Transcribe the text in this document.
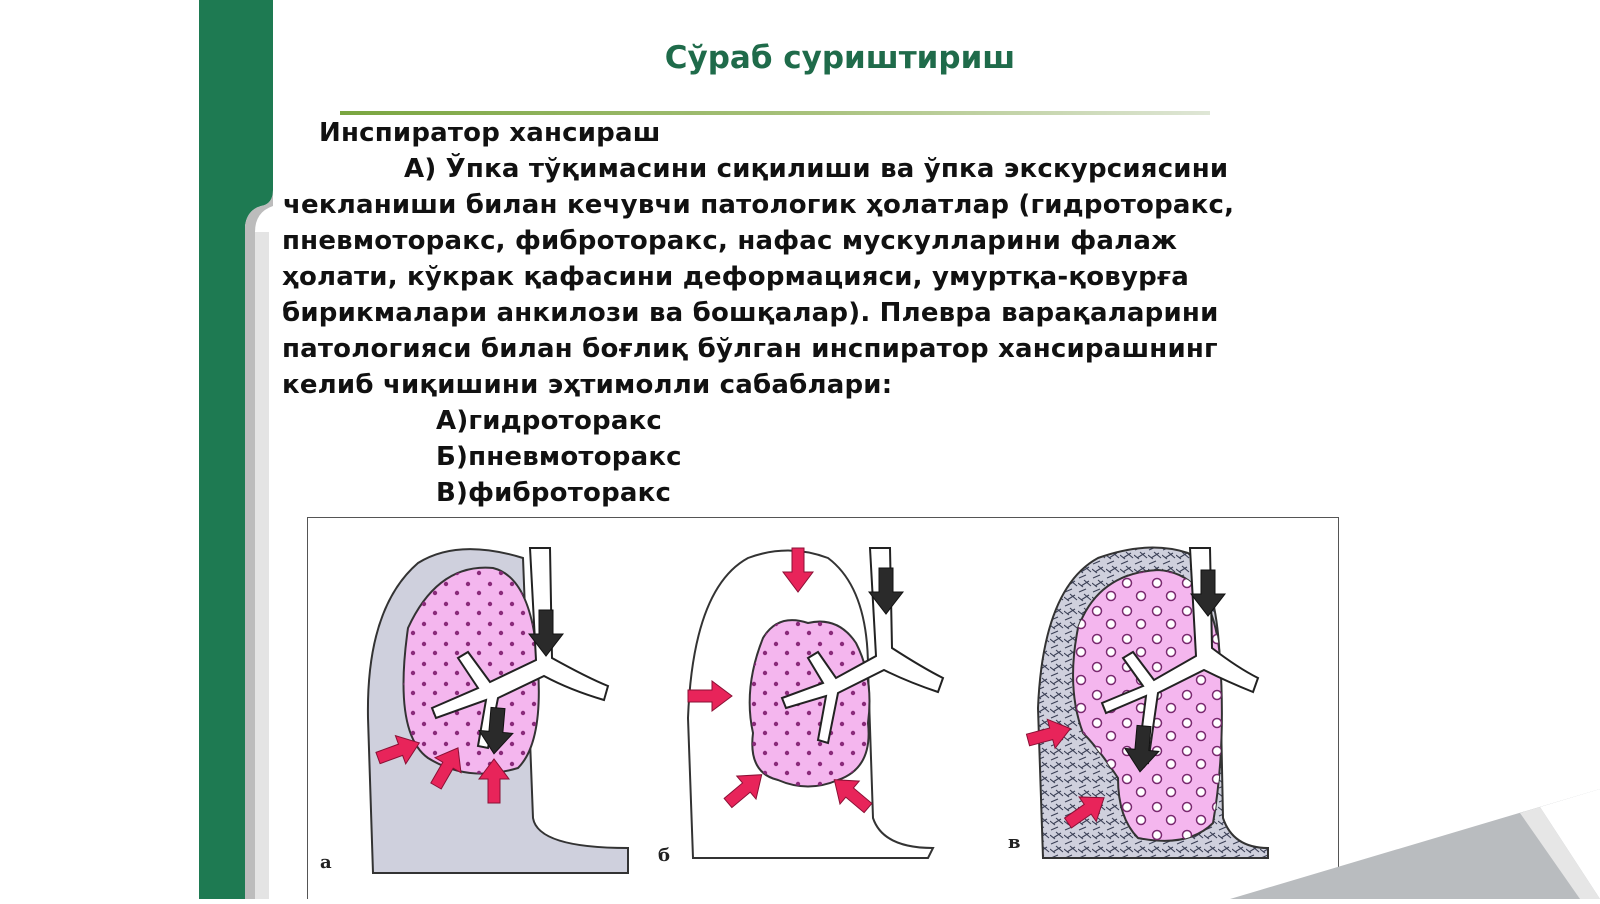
Сўраб суриштириш
Инспиратор хансираш
А) Ўпка тўқимасини сиқилиши ва ўпка экскурсиясини
чекланиши билан кечувчи патологик ҳолатлар (гидроторакс,
пневмоторакс, фиброторакс, нафас мускулларини фалаж
ҳолати, кўкрак қафасини деформацияси, умуртқа-қовурға
бирикмалари анкилози ва бошқалар). Плевра варақаларини
патологияси билан боғлиқ бўлган инспиратор хансирашнинг
келиб чиқишини эҳтимолли сабаблари:
А)гидроторакс
Б)пневмоторакс
В)фиброторакс
а	б
в
